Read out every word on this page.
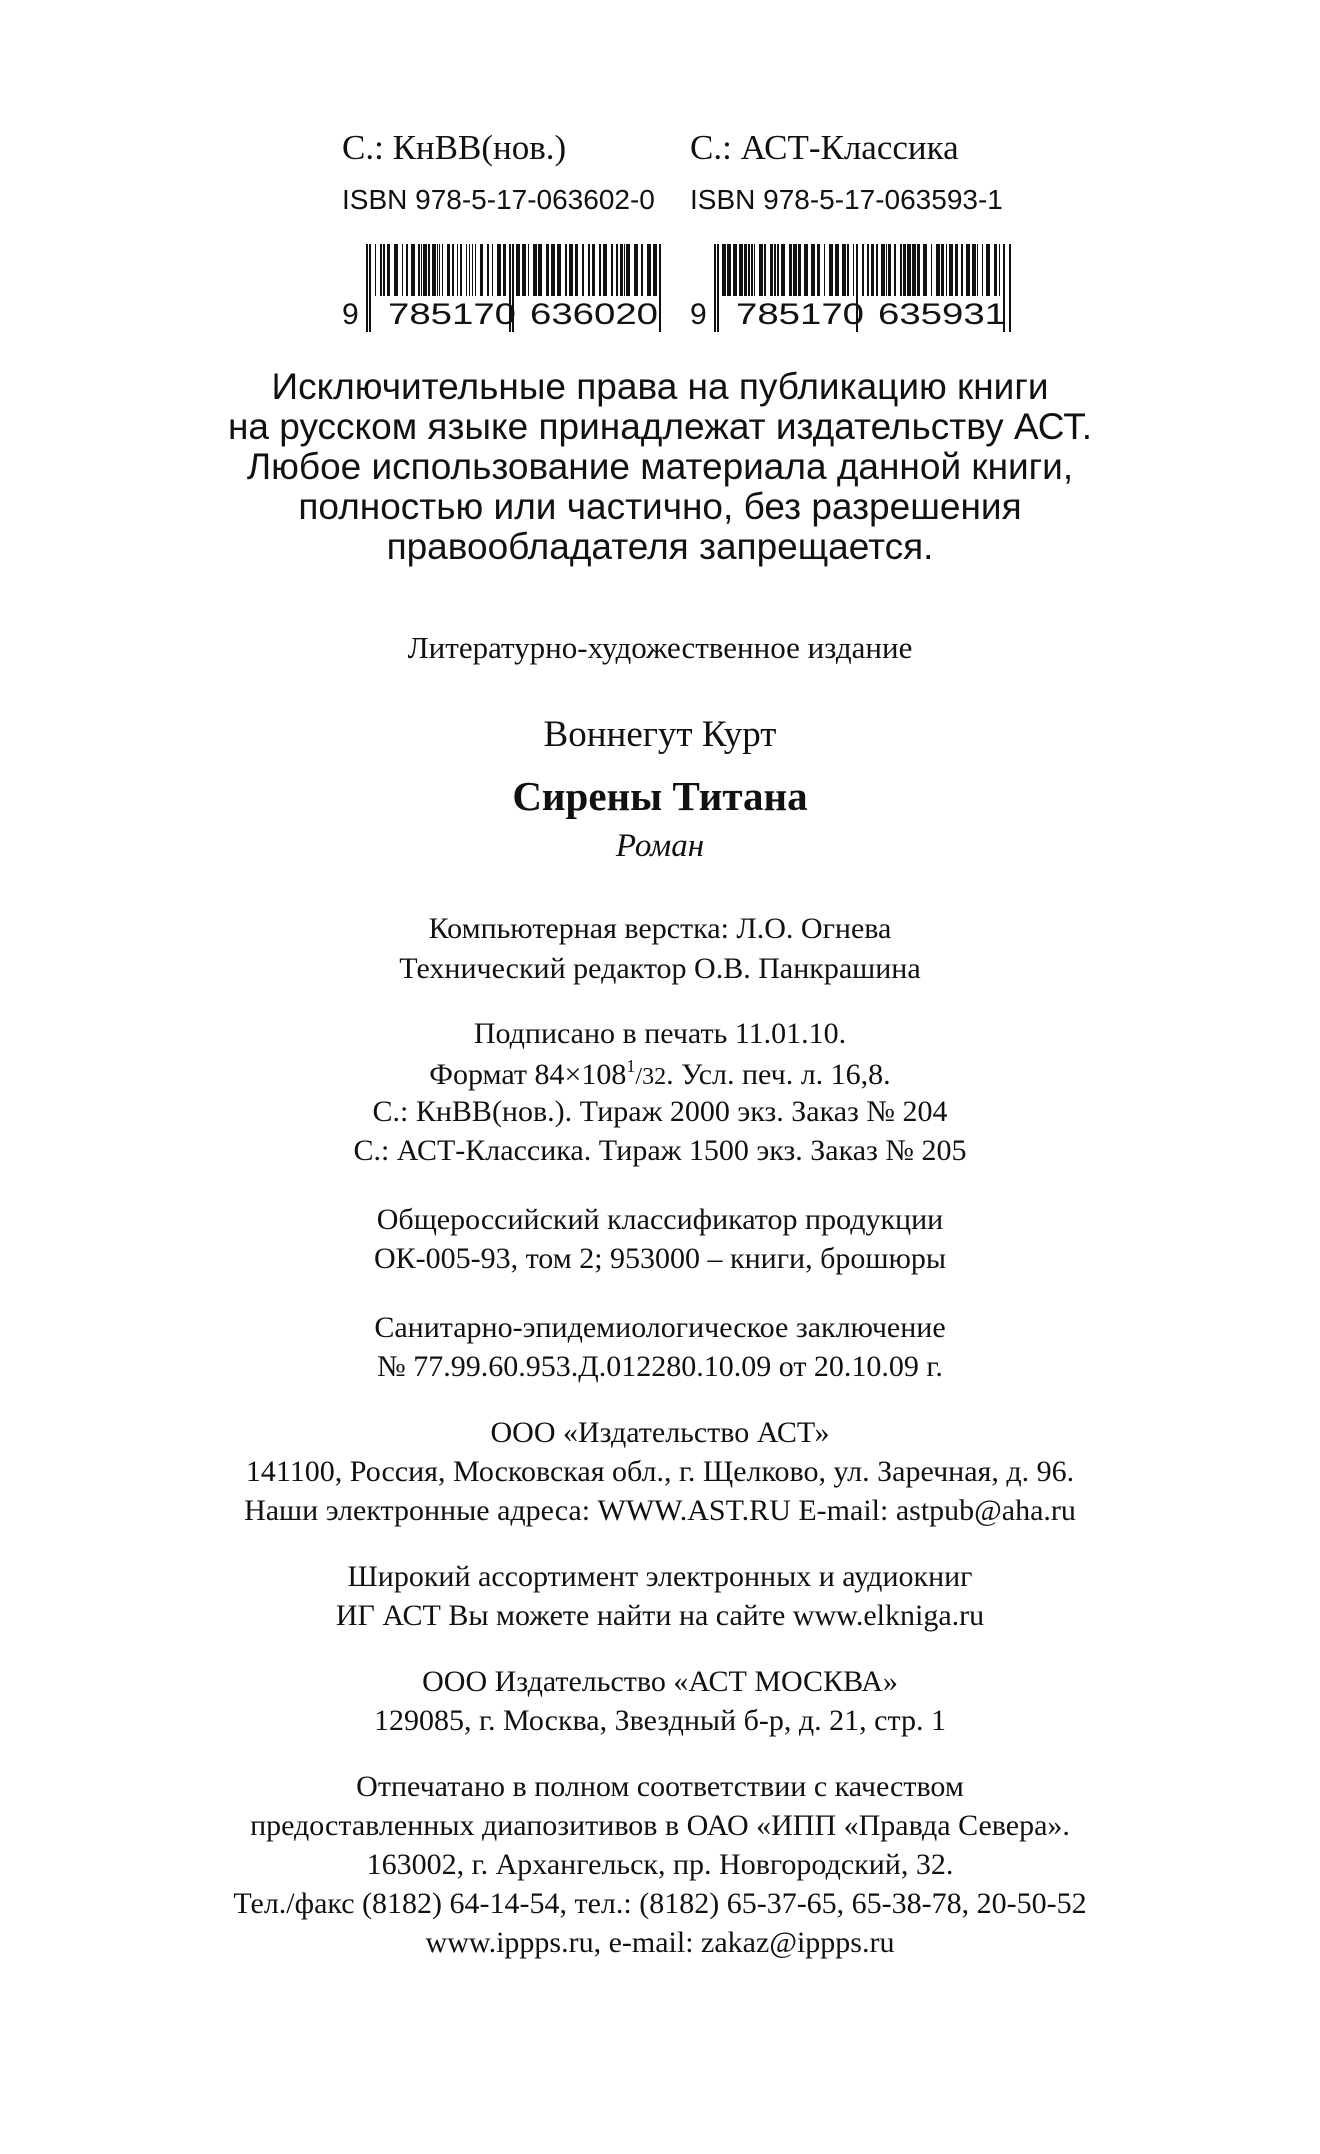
С.: КнВВ(нов.)
ISBN 978-5-17-063602-0
9 785170 636020
С.: АСТ-Классика
ISBN 978-5-17-063593-1
9 785170 635931
Исключительные права на публикацию книги
на русском языке принадлежат издательству АСТ.
Любое использование материала данной книги,
полностью или частично, без разрешения
правообладателя запрещается.
Литературно-художественное издание
Воннегут Курт
Сирены Титана
Роман
Компьютерная верстка: Л.О. Огнева
Технический редактор О.В. Панкрашина
Подписано в печать 11.01.10.
Формат $84\times 108^1/32$. Усл. печ. л. 16,8.
С.: КнВВ(нов.). Тираж 2000 экз. Заказ № 204
С.: АСТ-Классика. Тираж 1500 экз. Заказ № 205
Общероссийский классификатор продукции
ОК-005-93, том 2; 953000 – книги, брошюры
Санитарно-эпидемиологическое заключение
№ 77.99.60.953.Д.012280.10.09 от 20.10.09 г.
ООО «Издательство АСТ»
141100, Россия, Московская обл., г. Щелково, ул. Заречная, д. 96.
Наши электронные адреса: WWW.AST.RU E-mail: astpub@aha.ru
Широкий ассортимент электронных и аудиокниг
ИГ АСТ Вы можете найти на сайте www.elkniga.ru
ООО Издательство «АСТ МОСКВА»
129085, г. Москва, Звездный б-р, д. 21, стр. 1
Отпечатано в полном соответствии с качеством
предоставленных диапозитивов в ОАО «ИПП «Правда Севера».
163002, г. Архангельск, пр. Новгородский, 32.
Тел./факс (8182) 64-14-54, тел.: (8182) 65-37-65, 65-38-78, 20-50-52
www.ippps.ru, e-mail: zakaz@ippps.ru
